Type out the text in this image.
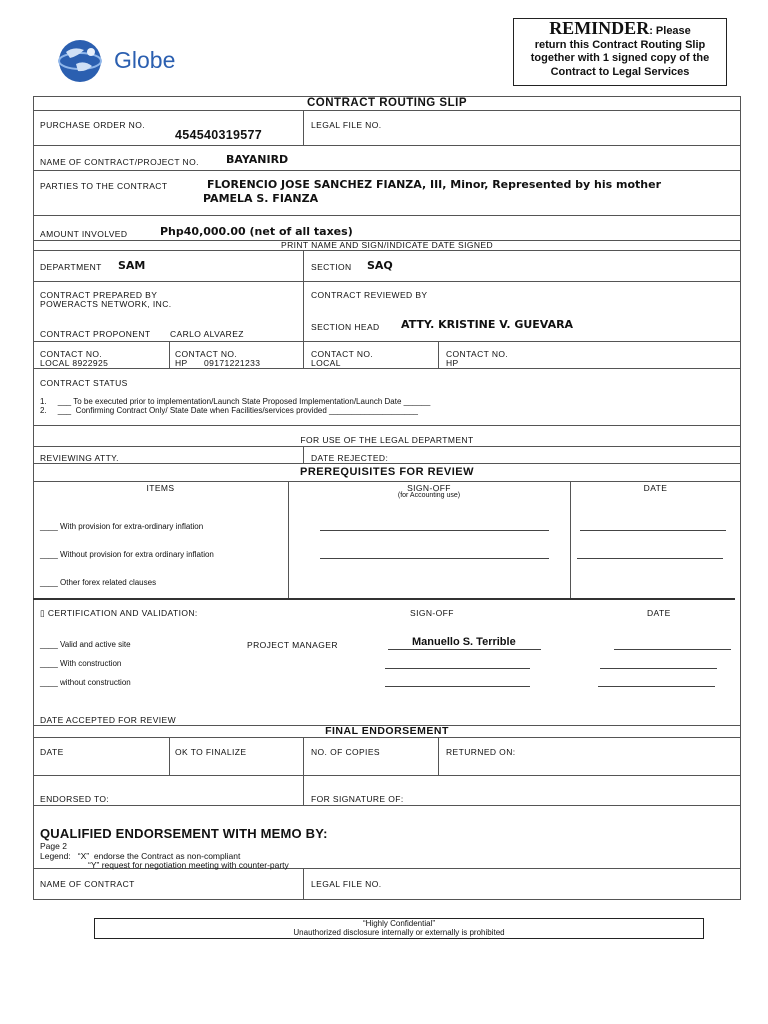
Globe
REMINDER: Please
return this Contract Routing Slip
together with 1 signed copy of the
Contract to Legal Services
CONTRACT ROUTING SLIP
PURCHASE ORDER NO.
454540319577
LEGAL FILE NO.
NAME OF CONTRACT/PROJECT NO. BAYANIRD
PARTIES TO THE CONTRACT	FLORENCIO JOSE SANCHEZ FIANZA, III, Minor, Represented by his mother
PAMELA S. FIANZA
AMOUNT INVOLVED	Php40,000.00 (net of all taxes)
PRINT NAME AND SIGN/INDICATE DATE SIGNED
DEPARTMENT SAM	SECTION SAQ
CONTRACT PREPARED BY
POWERACTS NETWORK, INC.
CONTRACT PROPONENT CARLO ALVAREZ
CONTRACT REVIEWED BY
SECTION HEAD ATTY. KRISTINE V. GUEVARA
CONTACT NO.
LOCAL 8922925
CONTACT NO.
HP      09171221233
CONTACT NO.
LOCAL
CONTACT NO.
HP
CONTRACT STATUS
1.     ___ To be executed prior to implementation/Launch State Proposed Implementation/Launch Date ______
2.     ___  Confirming Contract Only/ State Date when Facilities/services provided ____________________
FOR USE OF THE LEGAL DEPARTMENT
REVIEWING ATTY.	DATE REJECTED:
PREREQUISITES FOR REVIEW
ITEMS	SIGN-OFF
(for Accounting use)
DATE
____ With provision for extra-ordinary inflation
____ Without provision for extra ordinary inflation
____ Other forex related clauses
▯ CERTIFICATION AND VALIDATION:	SIGN-OFF	DATE
____ Valid and active site	PROJECT MANAGER	Manuello S. Terrible
____ With construction
____ without construction
DATE ACCEPTED FOR REVIEW
FINAL ENDORSEMENT
DATE	OK TO FINALIZE	NO. OF COPIES	RETURNED ON:
ENDORSED TO:	FOR SIGNATURE OF:
QUALIFIED ENDORSEMENT WITH MEMO BY:
Page 2
Legend:   “X”  endorse the Contract as non-compliant
“Y” request for negotiation meeting with counter-party
NAME OF CONTRACT	LEGAL FILE NO.
“Highly Confidential”
Unauthorized disclosure internally or externally is prohibited
